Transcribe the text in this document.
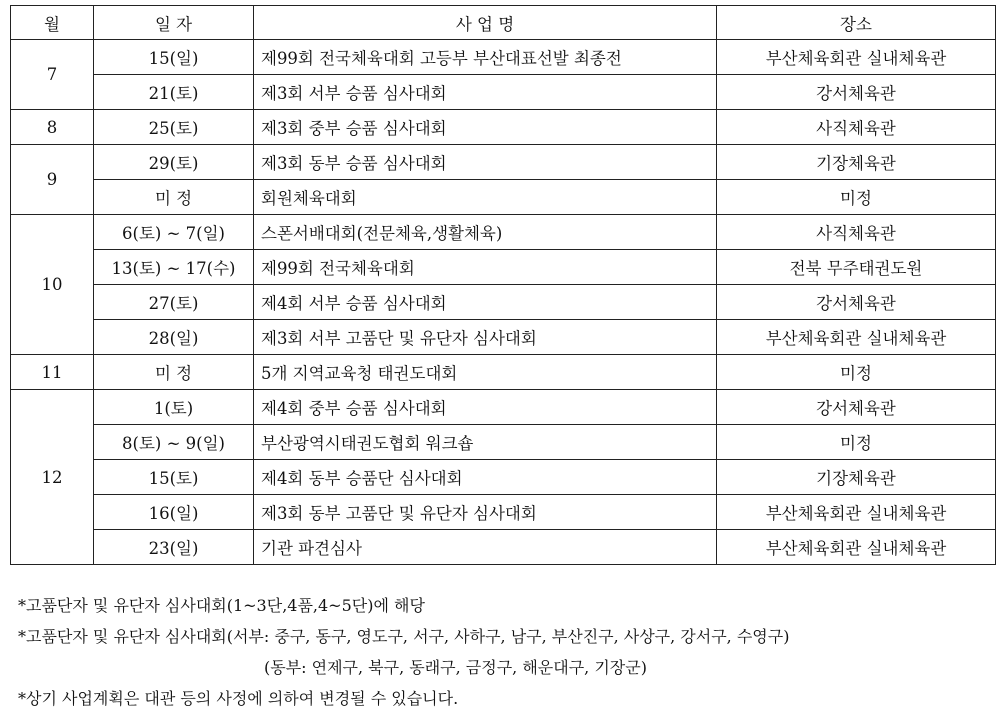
월	일 자	사 업 명	장소
7	15(일)	제99회 전국체육대회 고등부 부산대표선발 최종전	부산체육회관 실내체육관
	21(토)	제3회 서부 승품 심사대회	강서체육관
8	25(토)	제3회 중부 승품 심사대회	사직체육관
9	29(토)	제3회 동부 승품 심사대회	기장체육관
	미 정	회원체육대회	미정
10	6(토) ~ 7(일)	스폰서배대회(전문체육,생활체육)	사직체육관
	13(토) ~ 17(수)	제99회 전국체육대회	전북 무주태권도원
	27(토)	제4회 서부 승품 심사대회	강서체육관
	28(일)	제3회 서부 고품단 및 유단자 심사대회	부산체육회관 실내체육관
11	미 정	5개 지역교육청 태권도대회	미정
12	1(토)	제4회 중부 승품 심사대회	강서체육관
	8(토) ~ 9(일)	부산광역시태권도협회 워크숍	미정
	15(토)	제4회 동부 승품단 심사대회	기장체육관
	16(일)	제3회 동부 고품단 및 유단자 심사대회	부산체육회관 실내체육관
	23(일)	기관 파견심사	부산체육회관 실내체육관
*고품단자 및 유단자 심사대회(1~3단,4품,4~5단)에 해당
*고품단자 및 유단자 심사대회(서부: 중구, 동구, 영도구, 서구, 사하구, 남구, 부산진구, 사상구, 강서구, 수영구)
(동부: 연제구, 북구, 동래구, 금정구, 해운대구, 기장군)
*상기 사업계획은 대관 등의 사정에 의하여 변경될 수 있습니다.
